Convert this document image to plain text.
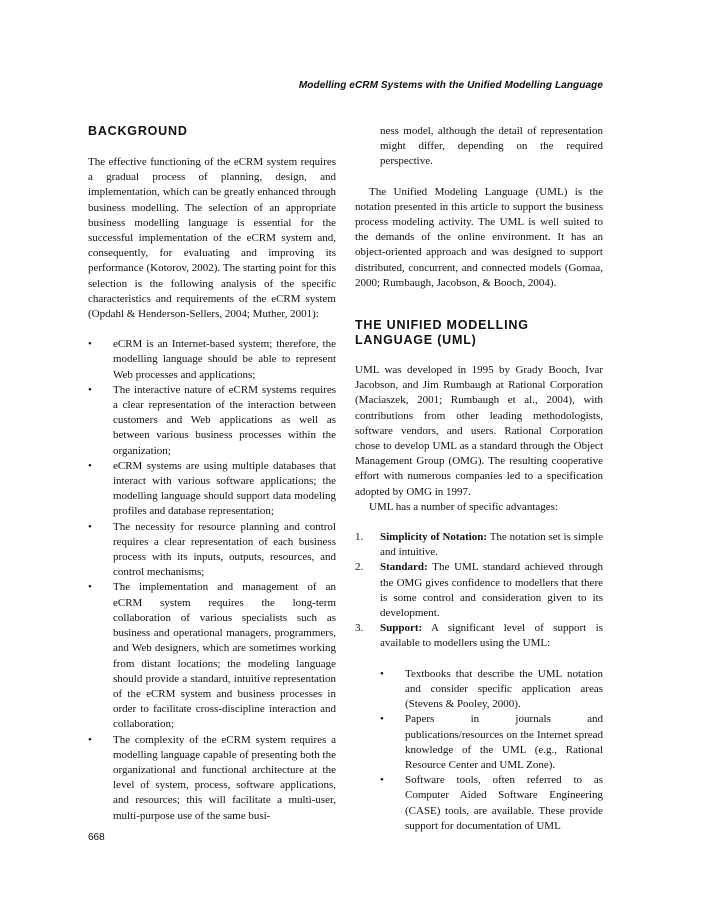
Modelling eCRM Systems with the Unified Modelling Language
BACKGROUND

The effective functioning of the eCRM system requires a gradual process of planning, design, and implementation, which can be greatly enhanced through business modelling. The selection of an appropriate business modelling language is essential for the successful implementation of the eCRM system and, consequently, for evaluating and improving its performance (Kotorov, 2002). The starting point for this selection is the following analysis of the specific characteristics and requirements of the eCRM system (Opdahl & Henderson-Sellers, 2004; Muther, 2001):

• eCRM is an Internet-based system; therefore, the modelling language should be able to represent Web processes and applications;
• The interactive nature of eCRM systems requires a clear representation of the interaction between customers and Web applications as well as between various business processes within the organization;
• eCRM systems are using multiple databases that interact with various software applications; the modelling language should support data modeling profiles and database representation;
• The necessity for resource planning and control requires a clear representation of each business process with its inputs, outputs, resources, and control mechanisms;
• The implementation and management of an eCRM system requires the long-term collaboration of various specialists such as business and operational managers, programmers, and Web designers, which are sometimes working from distant locations; the modeling language should provide a standard, intuitive representation of the eCRM system and business processes in order to facilitate cross-discipline interaction and collaboration;
• The complexity of the eCRM system requires a modelling language capable of presenting both the organizational and functional architecture at the level of system, process, software applications, and resources; this will facilitate a multi-user, multi-purpose use of the same busi-

ness model, although the detail of representation might differ, depending on the required perspective.

The Unified Modeling Language (UML) is the notation presented in this article to support the business process modeling activity. The UML is well suited to the demands of the online environment. It has an object-oriented approach and was designed to support distributed, concurrent, and connected models (Gomaa, 2000; Rumbaugh, Jacobson, & Booch, 2004).

THE UNIFIED MODELLING
LANGUAGE (UML)

UML was developed in 1995 by Grady Booch, Ivar Jacobson, and Jim Rumbaugh at Rational Corporation (Maciaszek, 2001; Rumbaugh et al., 2004), with contributions from other leading methodologists, software vendors, and users. Rational Corporation chose to develop UML as a standard through the Object Management Group (OMG). The resulting cooperative effort with numerous companies led to a specification adopted by OMG in 1997.

UML has a number of specific advantages:

1. Simplicity of Notation: The notation set is simple and intuitive.
2. Standard: The UML standard achieved through the OMG gives confidence to modellers that there is some control and consideration given to its development.
3. Support: A significant level of support is available to modellers using the UML:
• Textbooks that describe the UML notation and consider specific application areas (Stevens & Pooley, 2000).
• Papers in journals and publications/resources on the Internet spread knowledge of the UML (e.g., Rational Resource Center and UML Zone).
• Software tools, often referred to as Computer Aided Software Engineering (CASE) tools, are available. These provide support for documentation of UML
668
